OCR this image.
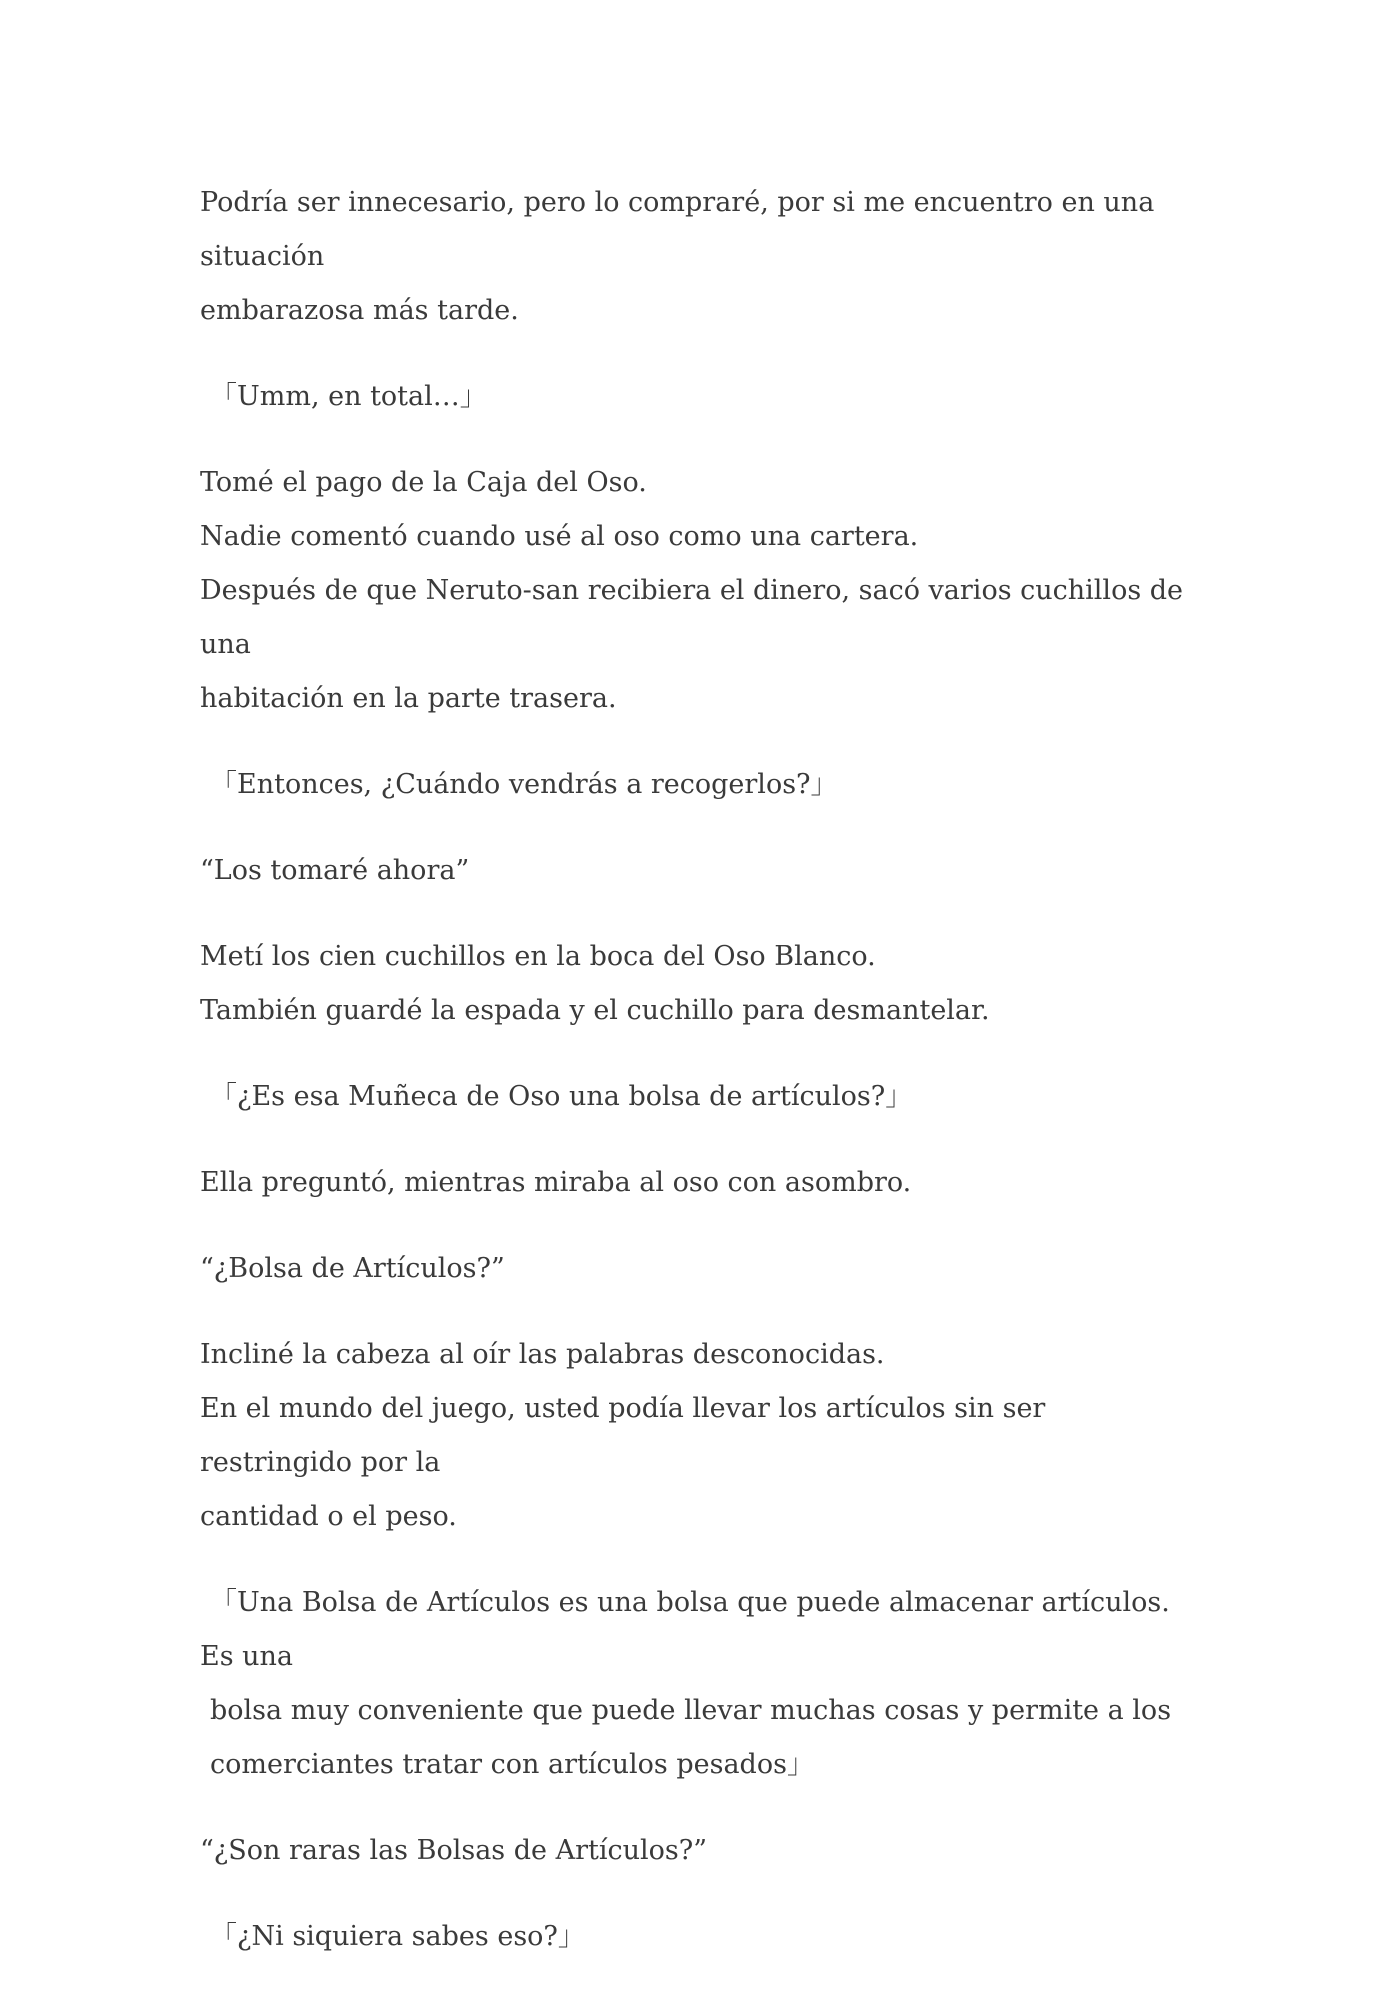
Podría ser innecesario, pero lo compraré, por si me encuentro en una situación
embarazosa más tarde.

「Umm, en total…」

Tomé el pago de la Caja del Oso.
Nadie comentó cuando usé al oso como una cartera.
Después de que Neruto-san recibiera el dinero, sacó varios cuchillos de una
habitación en la parte trasera.

「Entonces, ¿Cuándo vendrás a recogerlos?」

“Los tomaré ahora”

Metí los cien cuchillos en la boca del Oso Blanco.
También guardé la espada y el cuchillo para desmantelar.

「¿Es esa Muñeca de Oso una bolsa de artículos?」

Ella preguntó, mientras miraba al oso con asombro.

“¿Bolsa de Artículos?”

Incliné la cabeza al oír las palabras desconocidas.
En el mundo del juego, usted podía llevar los artículos sin ser restringido por la
cantidad o el peso.

「Una Bolsa de Artículos es una bolsa que puede almacenar artículos. Es una
bolsa muy conveniente que puede llevar muchas cosas y permite a los
comerciantes tratar con artículos pesados」

“¿Son raras las Bolsas de Artículos?”

「¿Ni siquiera sabes eso?」
